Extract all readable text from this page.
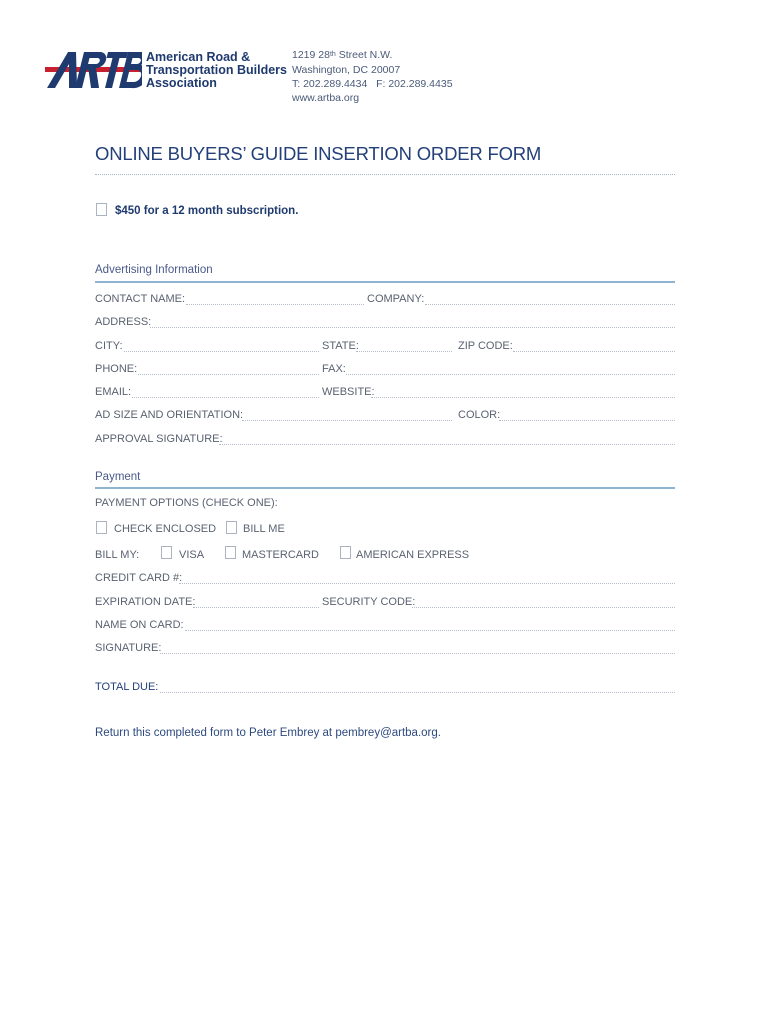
American Road &
Transportation Builders
Association
1219 28th Street N.W.
Washington, DC 20007
T: 202.289.4434   F: 202.289.4435
www.artba.org
ONLINE BUYERS’ GUIDE INSERTION ORDER FORM
$450 for a 12 month subscription.
Advertising Information
CONTACT NAME:	COMPANY:
ADDRESS:
CITY:	STATE:	ZIP CODE:
PHONE:	FAX:
EMAIL:	WEBSITE:
AD SIZE AND ORIENTATION:	COLOR:
APPROVAL SIGNATURE:
Payment
PAYMENT OPTIONS (CHECK ONE):
CHECK ENCLOSED BILL ME
BILL MY:	VISA	MASTERCARD	AMERICAN EXPRESS
CREDIT CARD #:
EXPIRATION DATE:	SECURITY CODE:
NAME ON CARD:
SIGNATURE:
TOTAL DUE:
Return this completed form to Peter Embrey at pembrey@artba.org.
